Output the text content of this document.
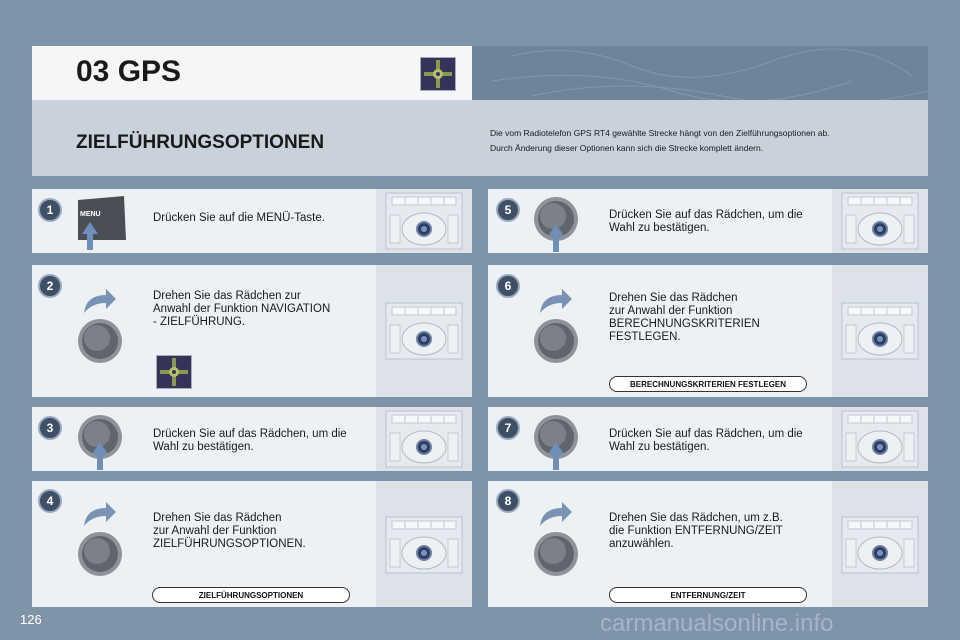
03 GPS
ZIELFÜHRUNGSOPTIONEN	Die vom Radiotelefon GPS RT4 gewählte Strecke hängt von den Zielführungsoptionen ab.
Durch Änderung dieser Optionen kann sich die Strecke komplett ändern.
MENU
1
2
3
4
5
6
7
8
Drücken Sie auf die MENÜ-Taste.
Drehen Sie das Rädchen zur
Anwahl der Funktion NAVIGATION
- ZIELFÜHRUNG.
Drücken Sie auf das Rädchen, um die
Wahl zu bestätigen.
Drehen Sie das Rädchen
zur Anwahl der Funktion
ZIELFÜHRUNGSOPTIONEN.
Drücken Sie auf das Rädchen, um die
Wahl zu bestätigen.
Drehen Sie das Rädchen
zur Anwahl der Funktion
BERECHNUNGSKRITERIEN
FESTLEGEN.
Drücken Sie auf das Rädchen, um die
Wahl zu bestätigen.
Drehen Sie das Rädchen, um z.B.
die Funktion ENTFERNUNG/ZEIT
anzuwählen.
ZIELFÜHRUNGSOPTIONEN
BERECHNUNGSKRITERIEN FESTLEGEN
ENTFERNUNG/ZEIT
126	carmanualsonline.info
